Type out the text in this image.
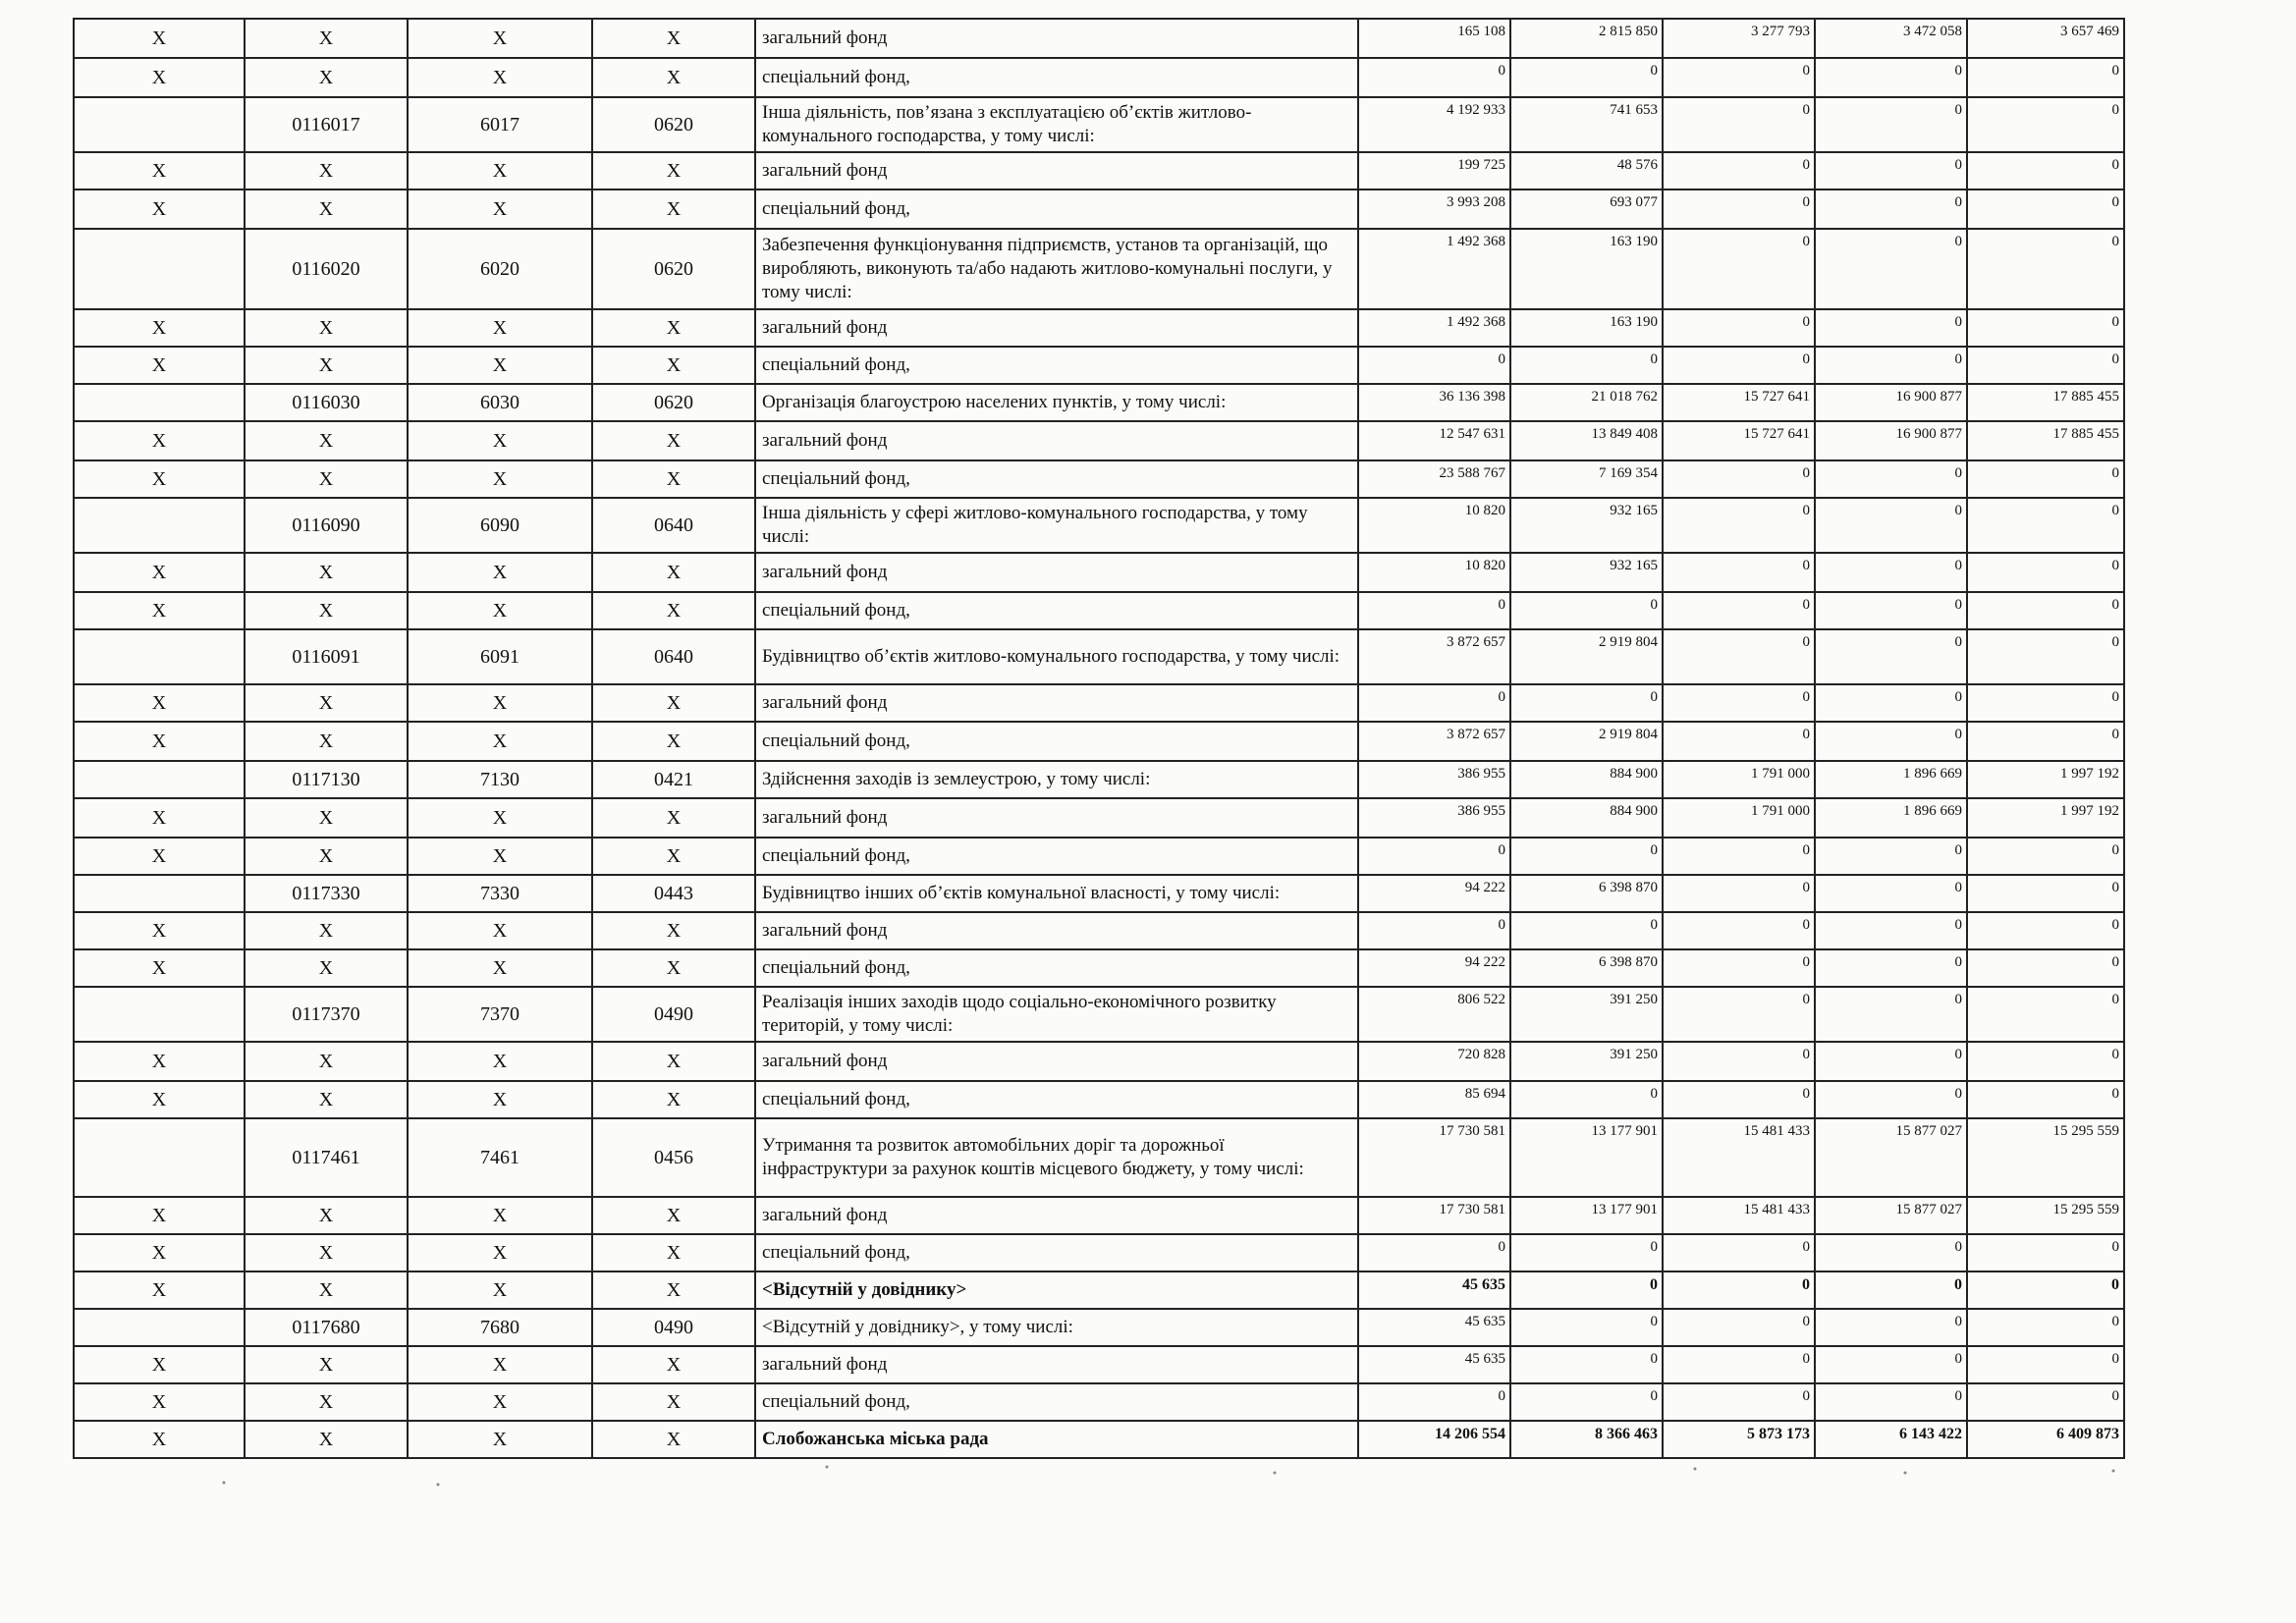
X	X	X	X	загальний фонд	165 108	2 815 850	3 277 793	3 472 058	3 657 469
X	X	X	X	спеціальний фонд,	0	0	0	0	0
	0116017	6017	0620	Інша діяльність, пов’язана з експлуатацією об’єктів житлово-комунального господарства, у тому числі:	4 192 933	741 653	0	0	0
X	X	X	X	загальний фонд	199 725	48 576	0	0	0
X	X	X	X	спеціальний фонд,	3 993 208	693 077	0	0	0
	0116020	6020	0620	Забезпечення функціонування підприємств, установ та організацій, що виробляють, виконують та/або надають житлово-комунальні послуги, у тому числі:	1 492 368	163 190	0	0	0
X	X	X	X	загальний фонд	1 492 368	163 190	0	0	0
X	X	X	X	спеціальний фонд,	0	0	0	0	0
	0116030	6030	0620	Організація благоустрою населених пунктів, у тому числі:	36 136 398	21 018 762	15 727 641	16 900 877	17 885 455
X	X	X	X	загальний фонд	12 547 631	13 849 408	15 727 641	16 900 877	17 885 455
X	X	X	X	спеціальний фонд,	23 588 767	7 169 354	0	0	0
	0116090	6090	0640	Інша діяльність у сфері житлово-комунального господарства, у тому числі:	10 820	932 165	0	0	0
X	X	X	X	загальний фонд	10 820	932 165	0	0	0
X	X	X	X	спеціальний фонд,	0	0	0	0	0
	0116091	6091	0640	Будівництво об’єктів житлово-комунального господарства, у тому числі:	3 872 657	2 919 804	0	0	0
X	X	X	X	загальний фонд	0	0	0	0	0
X	X	X	X	спеціальний фонд,	3 872 657	2 919 804	0	0	0
	0117130	7130	0421	Здійснення заходів із землеустрою, у тому числі:	386 955	884 900	1 791 000	1 896 669	1 997 192
X	X	X	X	загальний фонд	386 955	884 900	1 791 000	1 896 669	1 997 192
X	X	X	X	спеціальний фонд,	0	0	0	0	0
	0117330	7330	0443	Будівництво інших об’єктів комунальної власності, у тому числі:	94 222	6 398 870	0	0	0
X	X	X	X	загальний фонд	0	0	0	0	0
X	X	X	X	спеціальний фонд,	94 222	6 398 870	0	0	0
	0117370	7370	0490	Реалізація інших заходів щодо соціально-економічного розвитку територій, у тому числі:	806 522	391 250	0	0	0
X	X	X	X	загальний фонд	720 828	391 250	0	0	0
X	X	X	X	спеціальний фонд,	85 694	0	0	0	0
	0117461	7461	0456	Утримання та розвиток автомобільних доріг та дорожньої інфраструктури за рахунок коштів місцевого бюджету, у тому числі:	17 730 581	13 177 901	15 481 433	15 877 027	15 295 559
X	X	X	X	загальний фонд	17 730 581	13 177 901	15 481 433	15 877 027	15 295 559
X	X	X	X	спеціальний фонд,	0	0	0	0	0
X	X	X	X	<Відсутній у довіднику>	45 635	0	0	0	0
	0117680	7680	0490	<Відсутній у довіднику>, у тому числі:	45 635	0	0	0	0
X	X	X	X	загальний фонд	45 635	0	0	0	0
X	X	X	X	спеціальний фонд,	0	0	0	0	0
X	X	X	X	Слобожанська міська рада	14 206 554	8 366 463	5 873 173	6 143 422	6 409 873
